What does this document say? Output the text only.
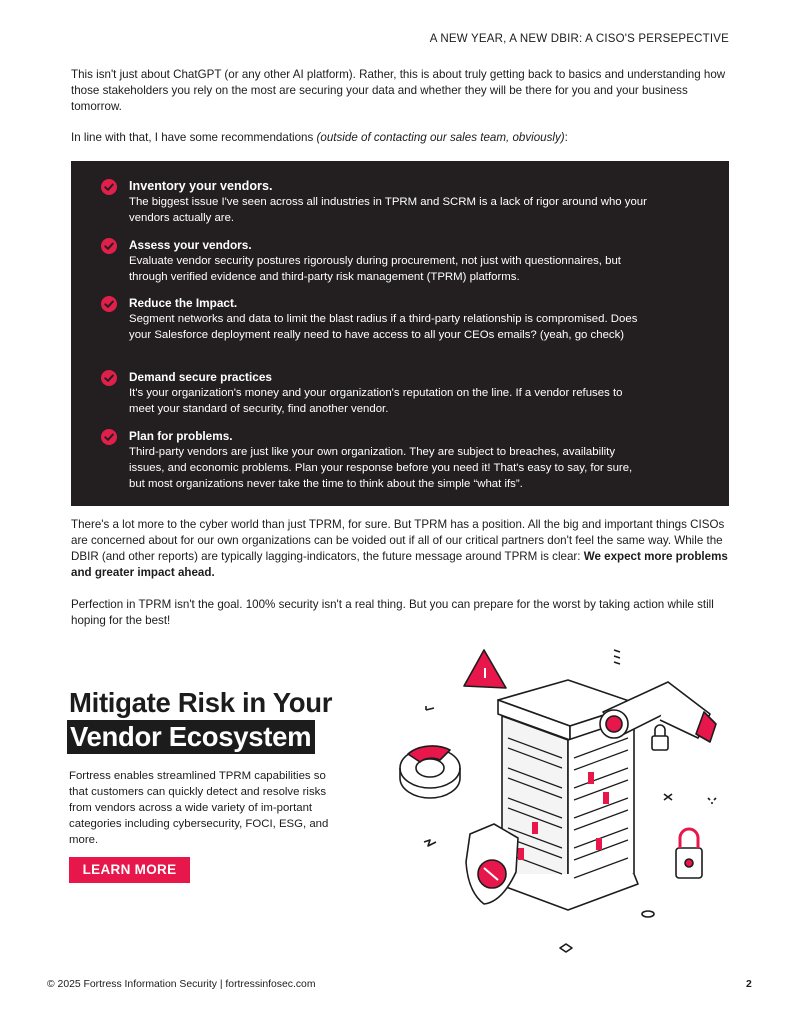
A NEW YEAR, A NEW DBIR: A CISO'S PERSEPECTIVE

This isn't just about ChatGPT (or any other AI platform). Rather, this is about truly getting back to basics and understanding how those stakeholders you rely on the most are securing your data and whether they will be there for you and your business tomorrow.

In line with that, I have some recommendations (outside of contacting our sales team, obviously):

Inventory your vendors.
The biggest issue I've seen across all industries in TPRM and SCRM is a lack of rigor around who your vendors actually are.
Assess your vendors.
Evaluate vendor security postures rigorously during procurement, not just with questionnaires, but through verified evidence and third-party risk management (TPRM) platforms.
Reduce the Impact.
Segment networks and data to limit the blast radius if a third-party relationship is compromised. Does your Salesforce deployment really need to have access to all your CEOs emails? (yeah, go check)
Demand secure practices
It's your organization's money and your organization's reputation on the line. If a vendor refuses to meet your standard of security, find another vendor.
Plan for problems.
Third-party vendors are just like your own organization. They are subject to breaches, availability issues, and economic problems. Plan your response before you need it! That's easy to say, for sure, but most organizations never take the time to think about the simple “what ifs”.

There's a lot more to the cyber world than just TPRM, for sure. But TPRM has a position. All the big and important things CISOs are concerned about for our own organizations can be voided out if all of our critical partners don't feel the same way. While the DBIR (and other reports) are typically lagging-indicators, the future message around TPRM is clear: We expect more problems and greater impact ahead.

Perfection in TPRM isn't the goal. 100% security isn't a real thing. But you can prepare for the worst by taking action while still hoping for the best!

Mitigate Risk in Your
Vendor Ecosystem

Fortress enables streamlined TPRM capabilities so that customers can quickly detect and resolve risks from vendors across a wide variety of im-portant categories including cybersecurity, FOCI, ESG, and more.

LEARN MORE
© 2025 Fortress Information Security | fortressinfosec.com	2
